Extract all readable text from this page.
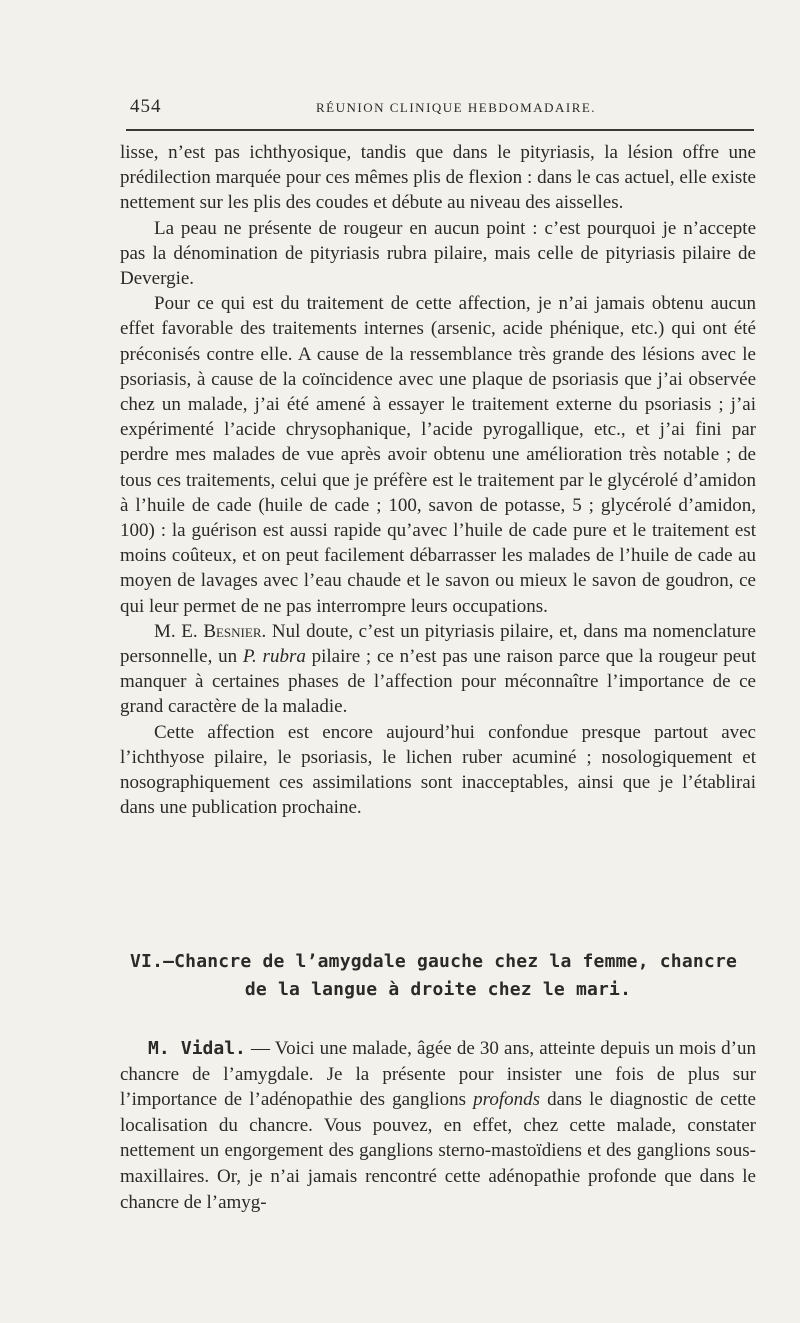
454	RÉUNION CLINIQUE HEBDOMADAIRE.

lisse, n’est pas ichthyosique, tandis que dans le pityriasis, la lésion offre une prédilection marquée pour ces mêmes plis de flexion : dans le cas actuel, elle existe nettement sur les plis des coudes et débute au niveau des aisselles.

La peau ne présente de rougeur en aucun point : c’est pourquoi je n’accepte pas la dénomination de pityriasis rubra pilaire, mais celle de pityriasis pilaire de Devergie.

Pour ce qui est du traitement de cette affection, je n’ai jamais obtenu aucun effet favorable des traitements internes (arsenic, acide phénique, etc.) qui ont été préconisés contre elle. A cause de la ressemblance très grande des lésions avec le psoriasis, à cause de la coïncidence avec une plaque de psoriasis que j’ai observée chez un malade, j’ai été amené à essayer le traitement externe du psoriasis ; j’ai expérimenté l’acide chrysophanique, l’acide pyrogallique, etc., et j’ai fini par perdre mes malades de vue après avoir obtenu une amélioration très notable ; de tous ces traitements, celui que je préfère est le traitement par le glycérolé d’amidon à l’huile de cade (huile de cade ; 100, savon de potasse, 5 ; glycérolé d’amidon, 100) : la guérison est aussi rapide qu’avec l’huile de cade pure et le traitement est moins coûteux, et on peut facilement débarrasser les malades de l’huile de cade au moyen de lavages avec l’eau chaude et le savon ou mieux le savon de goudron, ce qui leur permet de ne pas interrompre leurs occupations.

M. E. Besnier. Nul doute, c’est un pityriasis pilaire, et, dans ma nomenclature personnelle, un P. rubra pilaire ; ce n’est pas une raison parce que la rougeur peut manquer à certaines phases de l’affection pour méconnaître l’importance de ce grand caractère de la maladie.

Cette affection est encore aujourd’hui confondue presque partout avec l’ichthyose pilaire, le psoriasis, le lichen ruber acuminé ; nosologiquement et nosographiquement ces assimilations sont inacceptables, ainsi que je l’établirai dans une publication prochaine.

VI.—Chancre de l’amygdale gauche chez la femme, chancre
de la langue à droite chez le mari.

M. Vidal. — Voici une malade, âgée de 30 ans, atteinte depuis un mois d’un chancre de l’amygdale. Je la présente pour insister une fois de plus sur l’importance de l’adénopathie des ganglions profonds dans le diagnostic de cette localisation du chancre. Vous pouvez, en effet, chez cette malade, constater nettement un engorgement des ganglions sterno-mastoïdiens et des ganglions sous-maxillaires. Or, je n’ai jamais rencontré cette adénopathie profonde que dans le chancre de l’amyg-
